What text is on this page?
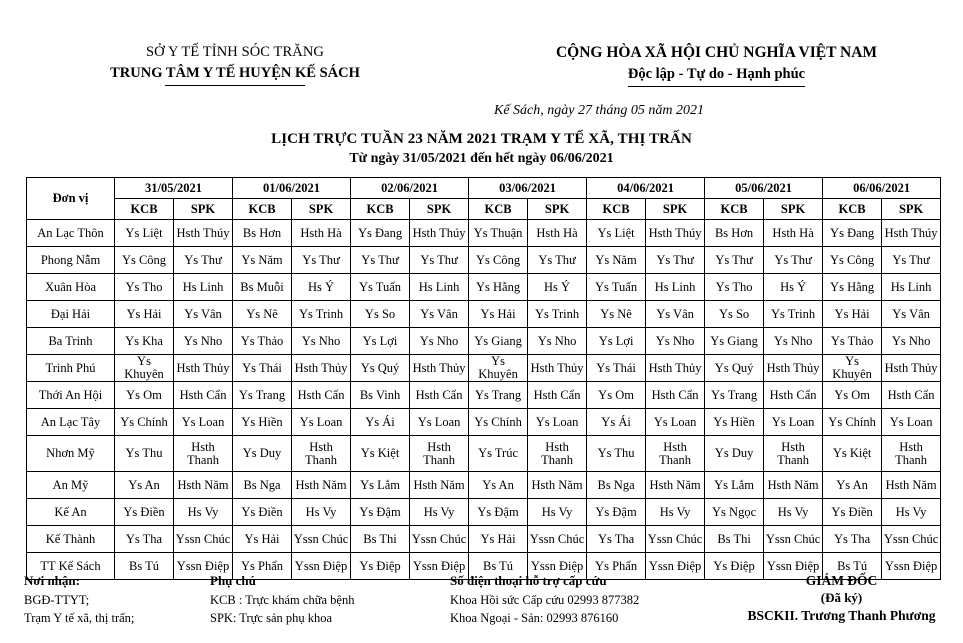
SỞ Y TẾ TỈNH SÓC TRĂNG
TRUNG TÂM Y TẾ HUYỆN KẾ SÁCH
CỘNG HÒA XÃ HỘI CHỦ NGHĨA VIỆT NAM
Độc lập - Tự do - Hạnh phúc
Kế Sách, ngày 27 tháng 05 năm 2021
LỊCH TRỰC TUẦN 23 NĂM 2021 TRẠM Y TẾ XÃ, THỊ TRẤN
Từ ngày 31/05/2021 đến hết ngày 06/06/2021
Đơn vị	31/05/2021		01/06/2021		02/06/2021		03/06/2021		04/06/2021		05/06/2021		06/06/2021	
	KCB	SPK	KCB	SPK	KCB	SPK	KCB	SPK	KCB	SPK	KCB	SPK	KCB	SPK
An Lạc Thôn	Ys Liệt	Hsth Thúy	Bs Hơn	Hsth Hà	Ys Đang	Hsth Thúy	Ys Thuận	Hsth Hà	Ys Liệt	Hsth Thúy	Bs Hơn	Hsth Hà	Ys Đang	Hsth Thúy
Phong Nẫm	Ys Công	Ys Thư	Ys Năm	Ys Thư	Ys Thư	Ys Thư	Ys Công	Ys Thư	Ys Năm	Ys Thư	Ys Thư	Ys Thư	Ys Công	Ys Thư
Xuân Hòa	Ys Tho	Hs Linh	Bs Muỗi	Hs Ý	Ys Tuấn	Hs Linh	Ys Hằng	Hs Ý	Ys Tuấn	Hs Linh	Ys Tho	Hs Ý	Ys Hằng	Hs Linh
Đại Hải	Ys Hải	Ys Vân	Ys Nê	Ys Trinh	Ys So	Ys Vân	Ys Hải	Ys Trinh	Ys Nê	Ys Vân	Ys So	Ys Trinh	Ys Hải	Ys Vân
Ba Trinh	Ys Kha	Ys Nho	Ys Thảo	Ys Nho	Ys Lợi	Ys Nho	Ys Giang	Ys Nho	Ys Lợi	Ys Nho	Ys Giang	Ys Nho	Ys Thảo	Ys Nho
Trinh Phú	Ys Khuyên	Hsth Thủy	Ys Thái	Hsth Thủy	Ys Quý	Hsth Thủy	Ys Khuyên	Hsth Thủy	Ys Thái	Hsth Thủy	Ys Quý	Hsth Thủy	Ys Khuyên	Hsth Thủy
Thới An Hội	Ys Om	Hsth Cẩn	Ys Trang	Hsth Cẩn	Bs Vinh	Hsth Cẩn	Ys Trang	Hsth Cẩn	Ys Om	Hsth Cẩn	Ys Trang	Hsth Cẩn	Ys Om	Hsth Cẩn
An Lạc Tây	Ys Chính	Ys Loan	Ys Hiền	Ys Loan	Ys Ái	Ys Loan	Ys Chính	Ys Loan	Ys Ái	Ys Loan	Ys Hiền	Ys Loan	Ys Chính	Ys Loan
Nhơn Mỹ	Ys Thu	Hsth Thanh	Ys Duy	Hsth Thanh	Ys Kiệt	Hsth Thanh	Ys Trúc	Hsth Thanh	Ys Thu	Hsth Thanh	Ys Duy	Hsth Thanh	Ys Kiệt	Hsth Thanh
An Mỹ	Ys An	Hsth Năm	Bs Nga	Hsth Năm	Ys Lắm	Hsth Năm	Ys An	Hsth Năm	Bs Nga	Hsth Năm	Ys Lắm	Hsth Năm	Ys An	Hsth Năm
Kế An	Ys Điền	Hs Vy	Ys Điền	Hs Vy	Ys Đậm	Hs Vy	Ys Đậm	Hs Vy	Ys Đậm	Hs Vy	Ys Ngọc	Hs Vy	Ys Điền	Hs Vy
Kế Thành	Ys Tha	Yssn Chúc	Ys Hải	Yssn Chúc	Bs Thi	Yssn Chúc	Ys Hải	Yssn Chúc	Ys Tha	Yssn Chúc	Bs Thi	Yssn Chúc	Ys Tha	Yssn Chúc
TT Kế Sách	Bs Tú	Yssn Điệp	Ys Phẩn	Yssn Điệp	Ys Điệp	Yssn Điệp	Bs Tú	Yssn Điệp	Ys Phẩn	Yssn Điệp	Ys Điệp	Yssn Điệp	Bs Tú	Yssn Điệp
Nơi nhận:
BGĐ-TTYT;
Trạm Y tế xã, thị trấn;
Phụ chú
KCB : Trực khám chữa bệnh
SPK: Trực sản phụ khoa
Số điện thoại hỗ trợ cấp cứu
Khoa Hồi sức Cấp cứu 02993 877382
Khoa Ngoại - Sản: 02993 876160
GIÁM ĐỐC
(Đã ký)
BSCKII. Trương Thanh Phương
